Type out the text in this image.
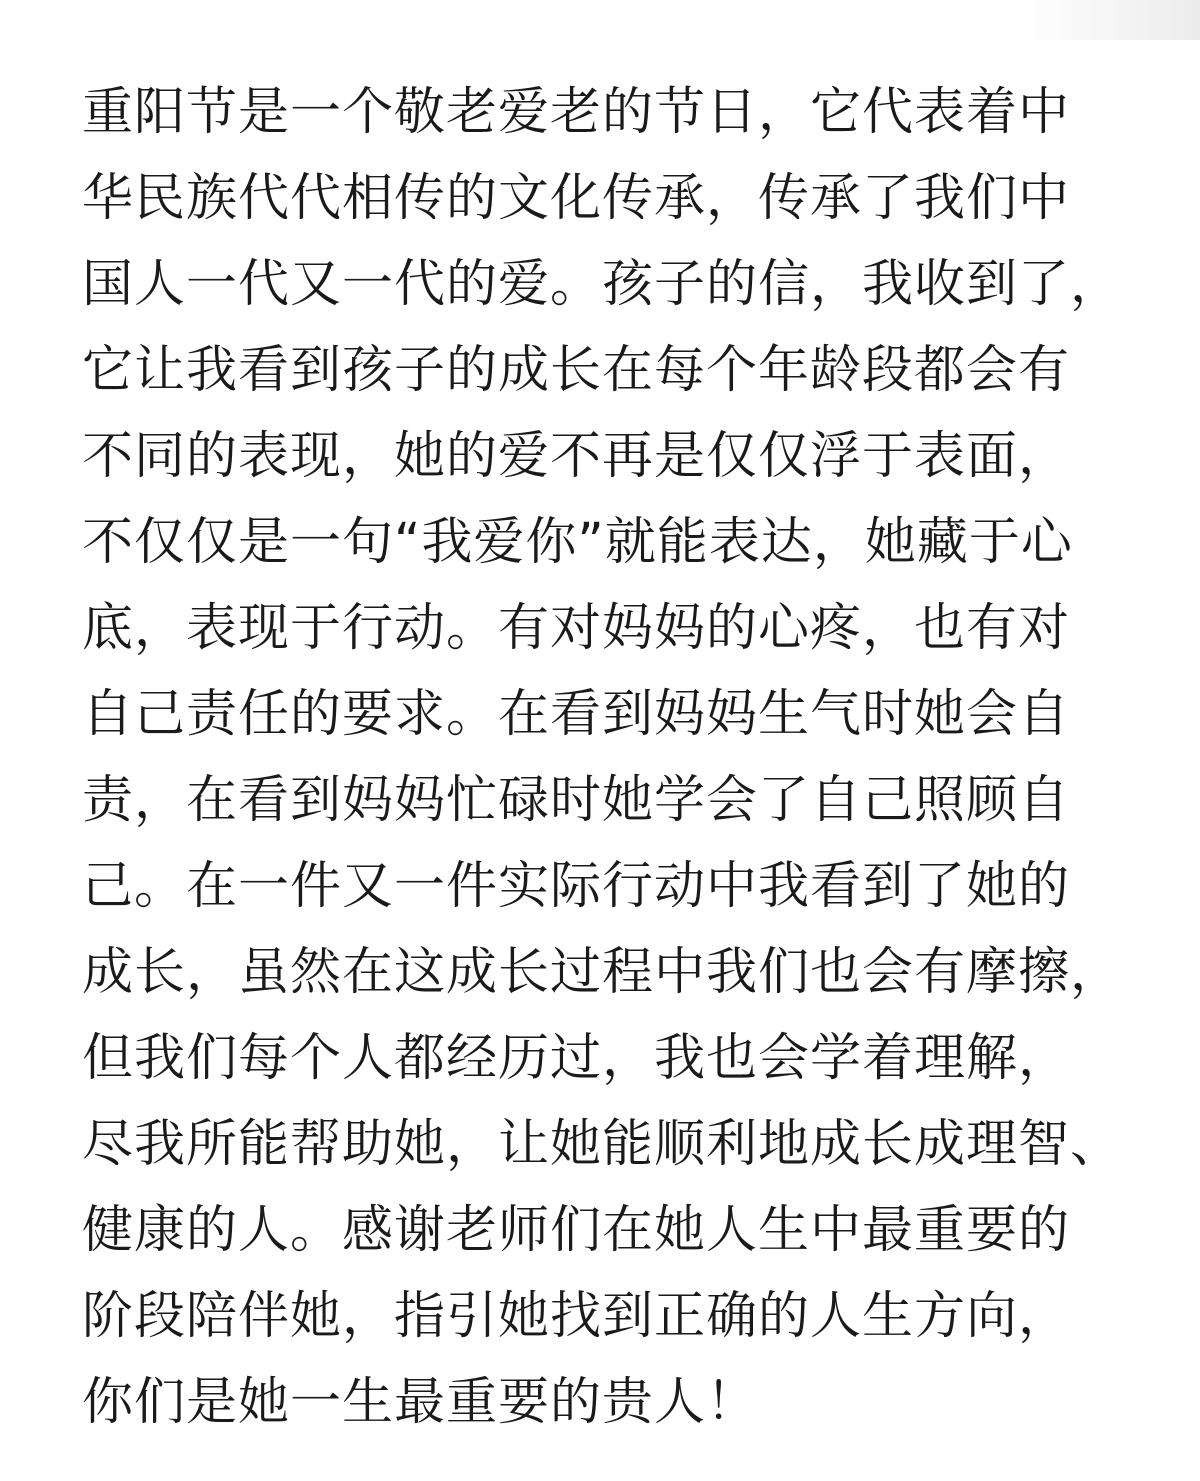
重阳节是一个敬老爱老的节日，它代表着中
华民族代代相传的文化传承，传承了我们中
国人一代又一代的爱。孩子的信，我收到了，
它让我看到孩子的成长在每个年龄段都会有
不同的表现，她的爱不再是仅仅浮于表面，
不仅仅是一句“我爱你”就能表达，她藏于心
底，表现于行动。有对妈妈的心疼，也有对
自己责任的要求。在看到妈妈生气时她会自
责，在看到妈妈忙碌时她学会了自己照顾自
己。在一件又一件实际行动中我看到了她的
成长，虽然在这成长过程中我们也会有摩擦，
但我们每个人都经历过，我也会学着理解，
尽我所能帮助她，让她能顺利地成长成理智、
健康的人。感谢老师们在她人生中最重要的
阶段陪伴她，指引她找到正确的人生方向，
你们是她一生最重要的贵人！
